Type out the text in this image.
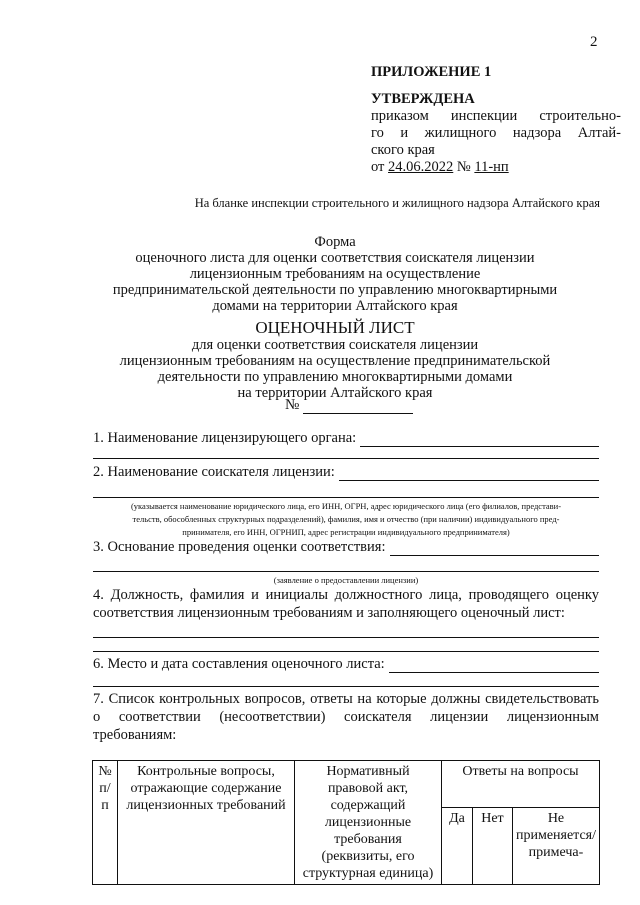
2
ПРИЛОЖЕНИЕ 1
УТВЕРЖДЕНА
приказом инспекции строительно-
го и жилищного надзора Алтай-
ского края
от 24.06.2022 № 11-нп
На бланке инспекции строительного и жилищного надзора Алтайского края
Форма
оценочного листа для оценки соответствия соискателя лицензии
лицензионным требованиям на осуществление
предпринимательской деятельности по управлению многоквартирными
домами на территории Алтайского края
ОЦЕНОЧНЫЙ ЛИСТ
для оценки соответствия соискателя лицензии
лицензионным требованиям на осуществление предпринимательской
деятельности по управлению многоквартирными домами
на территории Алтайского края
№
1. Наименование лицензирующего органа:
2. Наименование соискателя лицензии:
(указывается наименование юридического лица, его ИНН, ОГРН, адрес юридического лица (его филиалов, представи-
тельств, обособленных структурных подразделений), фамилия, имя и отчество (при наличии) индивидуального пред-
принимателя, его ИНН, ОГРНИП, адрес регистрации индивидуального предпринимателя)
3. Основание проведения оценки соответствия:
(заявление о предоставлении лицензии)
4. Должность, фамилия и инициалы должностного лица, проводящего оценку соответствия лицензионным требованиям и заполняющего оценочный лист:
6. Место и дата составления оценочного листа:
7. Список контрольных вопросов, ответы на которые должны свидетельствовать о соответствии (несоответствии) соискателя лицензии лицензионным требованиям:
№ п/п	Контрольные вопросы, отражающие содержание лицензионных требований	Нормативный правовой акт, содержащий лицензионные требования (реквизиты, его структурная единица)	Ответы на вопросы		
			Да	Нет	Не применяется/ примеча-
